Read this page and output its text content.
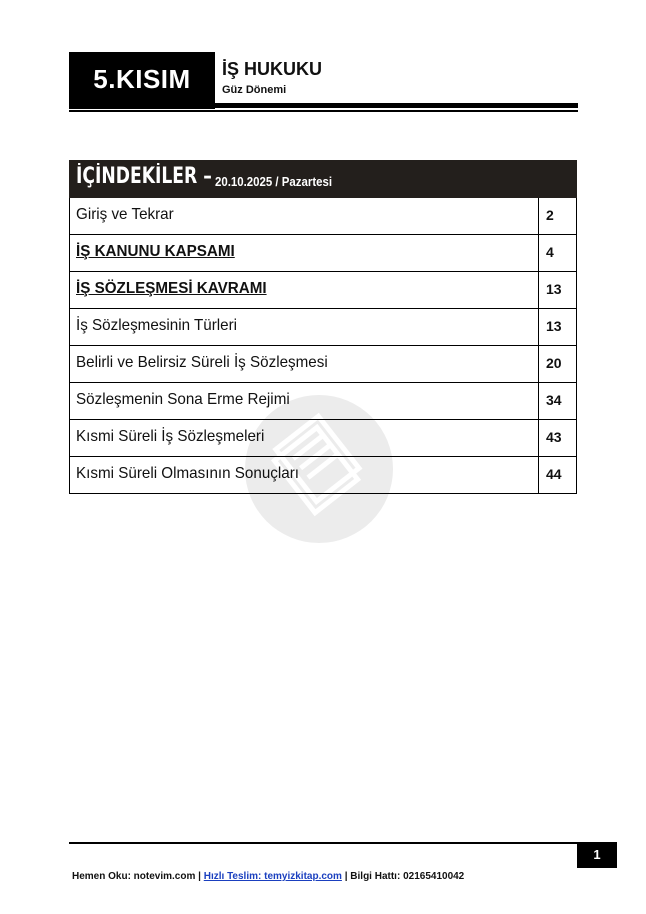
5.KISIM	İŞ HUKUKU
Güz Dönemi
İÇİNDEKİLER – 20.10.2025 / Pazartesi
Giriş ve Tekrar	2
İŞ KANUNU KAPSAMI	4
İŞ SÖZLEŞMESİ KAVRAMI	13
İş Sözleşmesinin Türleri	13
Belirli ve Belirsiz Süreli İş Sözleşmesi	20
Sözleşmenin Sona Erme Rejimi	34
Kısmi Süreli İş Sözleşmeleri	43
Kısmi Süreli Olmasının Sonuçları	44
1
Hemen Oku: notevim.com | Hızlı Teslim: temyizkitap.com | Bilgi Hattı: 02165410042
